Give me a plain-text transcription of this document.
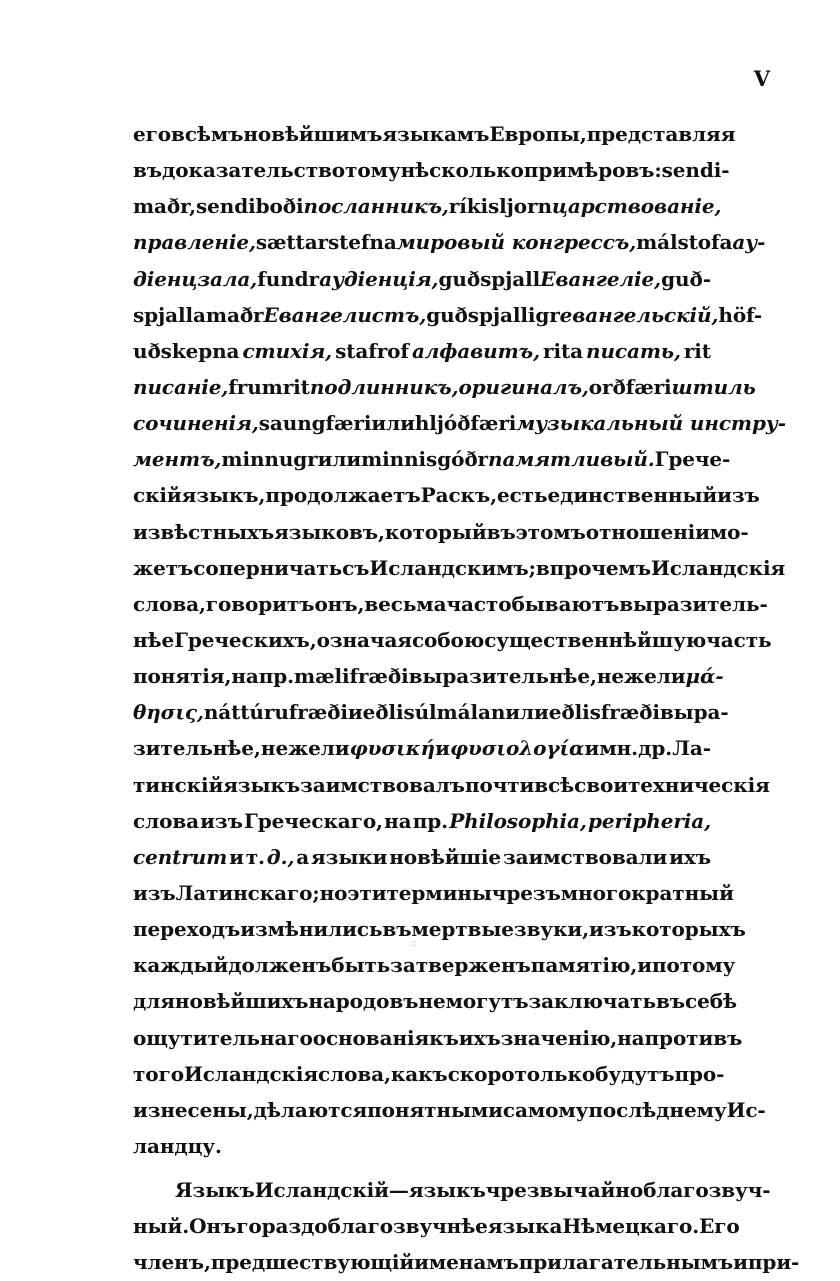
V
его всѣмъ новѣйшимъ языкамъ Европы, представляя
въ доказательство тому нѣсколько примѣровъ: sendi-
maðr, sendiboði посланникъ, ríkisljorn царствованіе,
правленіе, sættarstefna мировый конгрессъ, málstofa ау-
діенцзала, fundr аудіенція, guðspjall Евангеліе, guð-
spjallamaðr Евангелистъ, guðspjalligr евангельскій, höf-
uðskepna стихія, stafrof алфавитъ, rita писать, rit
писаніе, frumrit подлинникъ, оригиналъ, orðfæri штиль
сочиненія, saungfæri или hljóðfæri музыкальный инстру-
ментъ, minnugr или minnisgóðr памятливый. Грече-
скій языкъ, продолжаетъ Раскъ, есть единственный изъ
извѣстныхъ языковъ, который въ этомъ отношеніи мо-
жетъ соперничать съ Исландскимъ; впрочемъ Исландскія
слова, говоритъ онъ, весьма часто бываютъ выразитель-
нѣе Греческихъ, означая собою существеннѣйшую часть
понятія, на пр. mælifræði выразительнѣе, нежели μά-
θησις, náttúrufræði и eðlisúlmálan или eðlisfræði выра-
зительнѣе, нежели φυσική и φυσιολογία и мн. др. Ла-
тинскій языкъ заимствовалъ почти всѣ свои техническія
слова изъ Греческаго, на пр. Philosophia, peripheria,
centrum и т. д., а языки новѣйшіе заимствовали ихъ
изъ Латинскаго; но эти термины чрезъ многократный
переходъ измѣнились въ мертвые звуки, изъ которыхъ
каждый долженъ быть затверженъ памятію, и потому
для новѣйшихъ народовъ не могутъ заключать въ себѣ
ощутительнаго основанія къ ихъ значенію, напротивъ
того Исландскія слова, какъ скоро только будутъ про-
изнесены, дѣлаются понятными самому послѣднему Ис-
ландцу.
Языкъ Исландскій — языкъ чрезвычайно благозвуч-
ный. Онъ гораздо благозвучнѣе языка Нѣмецкаго. Его
членъ, предшествующій именамъ прилагательнымъ и при-
::
